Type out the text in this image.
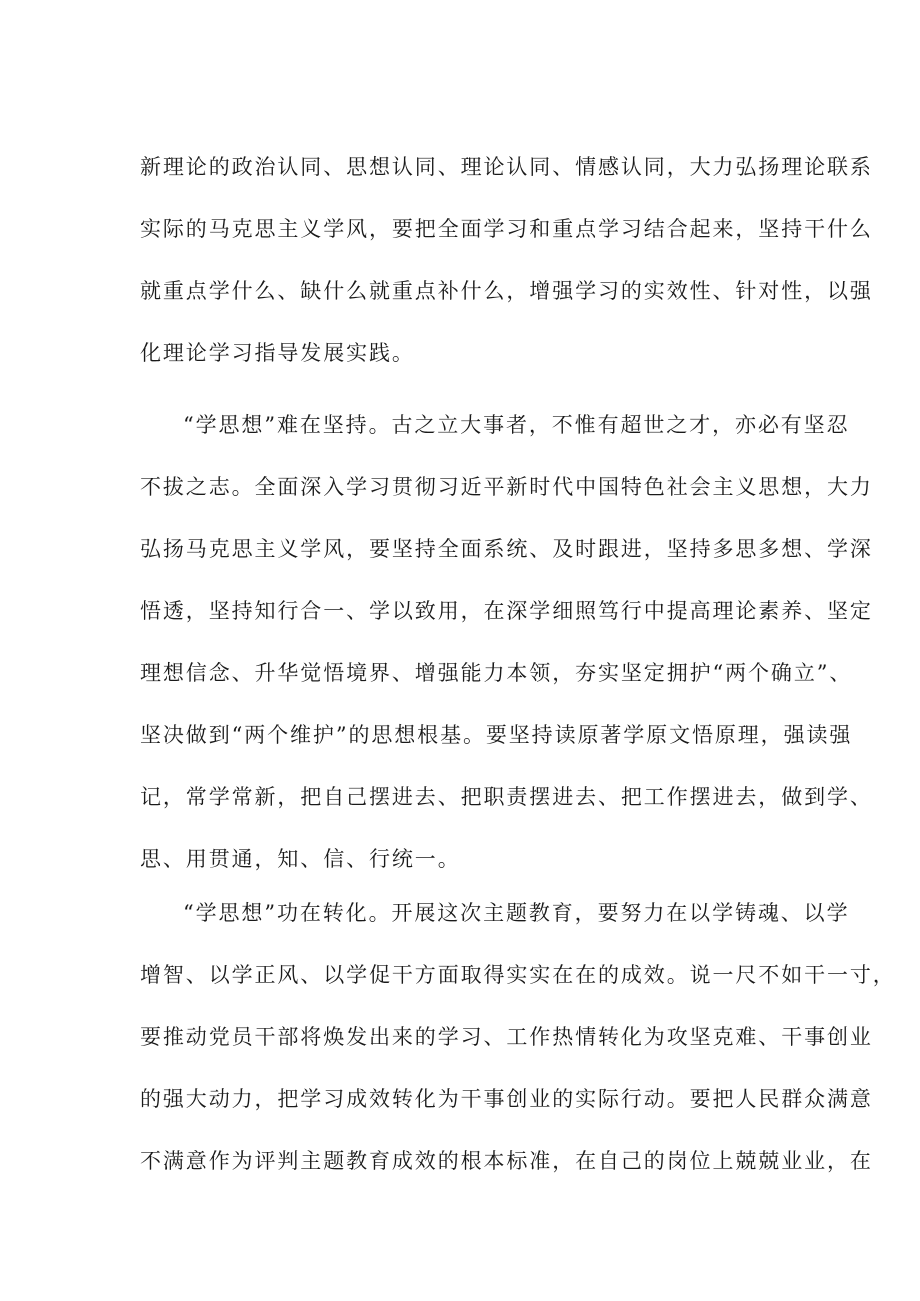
新理论的政治认同、思想认同、理论认同、情感认同，大力弘扬理论联系
实际的马克思主义学风，要把全面学习和重点学习结合起来，坚持干什么
就重点学什么、缺什么就重点补什么，增强学习的实效性、针对性，以强
化理论学习指导发展实践。
“学思想”难在坚持。古之立大事者，不惟有超世之才，亦必有坚忍
不拔之志。全面深入学习贯彻习近平新时代中国特色社会主义思想，大力
弘扬马克思主义学风，要坚持全面系统、及时跟进，坚持多思多想、学深
悟透，坚持知行合一、学以致用，在深学细照笃行中提高理论素养、坚定
理想信念、升华觉悟境界、增强能力本领，夯实坚定拥护“两个确立”、
坚决做到“两个维护”的思想根基。要坚持读原著学原文悟原理，强读强
记，常学常新，把自己摆进去、把职责摆进去、把工作摆进去，做到学、
思、用贯通，知、信、行统一。
“学思想”功在转化。开展这次主题教育，要努力在以学铸魂、以学
增智、以学正风、以学促干方面取得实实在在的成效。说一尺不如干一寸，
要推动党员干部将焕发出来的学习、工作热情转化为攻坚克难、干事创业
的强大动力，把学习成效转化为干事创业的实际行动。要把人民群众满意
不满意作为评判主题教育成效的根本标准，在自己的岗位上兢兢业业，在
